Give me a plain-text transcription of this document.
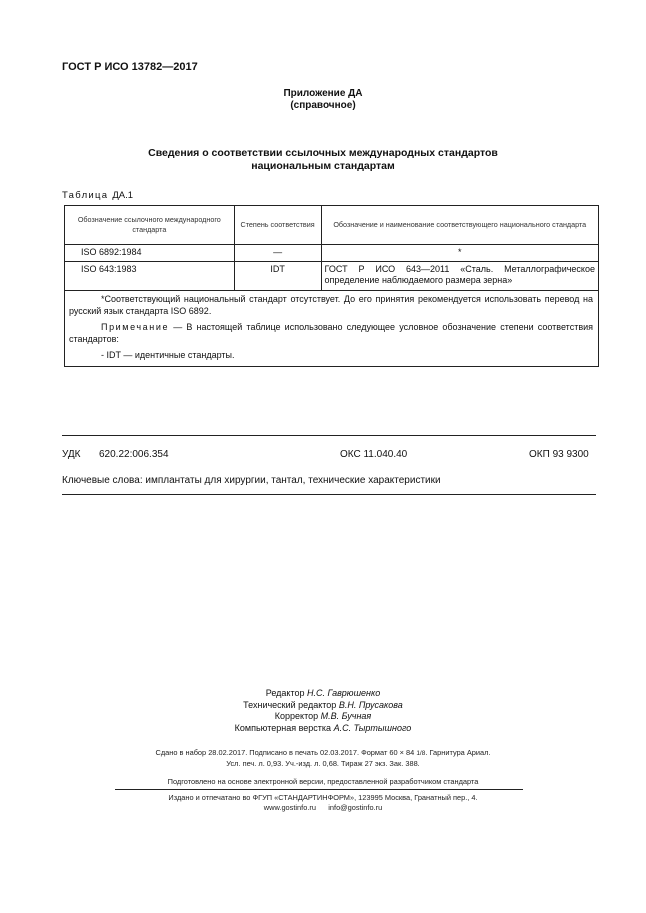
ГОСТ Р ИСО 13782—2017
Приложение ДА
(справочное)
Сведения о соответствии ссылочных международных стандартов
национальным стандартам
Таблица ДА.1
Обозначение ссылочного международного стандарта	Степень соответствия	Обозначение и наименование соответствующего национального стандарта
ISO 6892:1984	—	*
ISO 643:1983	IDT	ГОСТ Р ИСО 643—2011 «Сталь. Металлографическое определение наблюдаемого размера зерна»

*Соответствующий национальный стандарт отсутствует. До его принятия рекомендуется использовать перевод на русский язык стандарта ISO 6892.

Примечание — В настоящей таблице использовано следующее условное обозначение степени соответствия стандартов:

- IDT — идентичные стандарты.		

УДК 620.22:006.354	ОКС 11.040.40	ОКП 93 9300
Ключевые слова: имплантаты для хирургии, тантал, технические характеристики
Редактор Н.С. Гаврюшенко
Технический редактор В.Н. Прусакова
Корректор М.В. Бучная
Компьютерная верстка А.С. Тыртышного
Сдано в набор 28.02.2017. Подписано в печать 02.03.2017. Формат 60 × 84 1/8. Гарнитура Ариал.
Усл. печ. л. 0,93. Уч.-изд. л. 0,68. Тираж 27 экз. Зак. 388.
Подготовлено на основе электронной версии, предоставленной разработчиком стандарта
Издано и отпечатано во ФГУП «СТАНДАРТИНФОРМ», 123995 Москва, Гранатный пер., 4.
www.gostinfo.ru      info@gostinfo.ru
